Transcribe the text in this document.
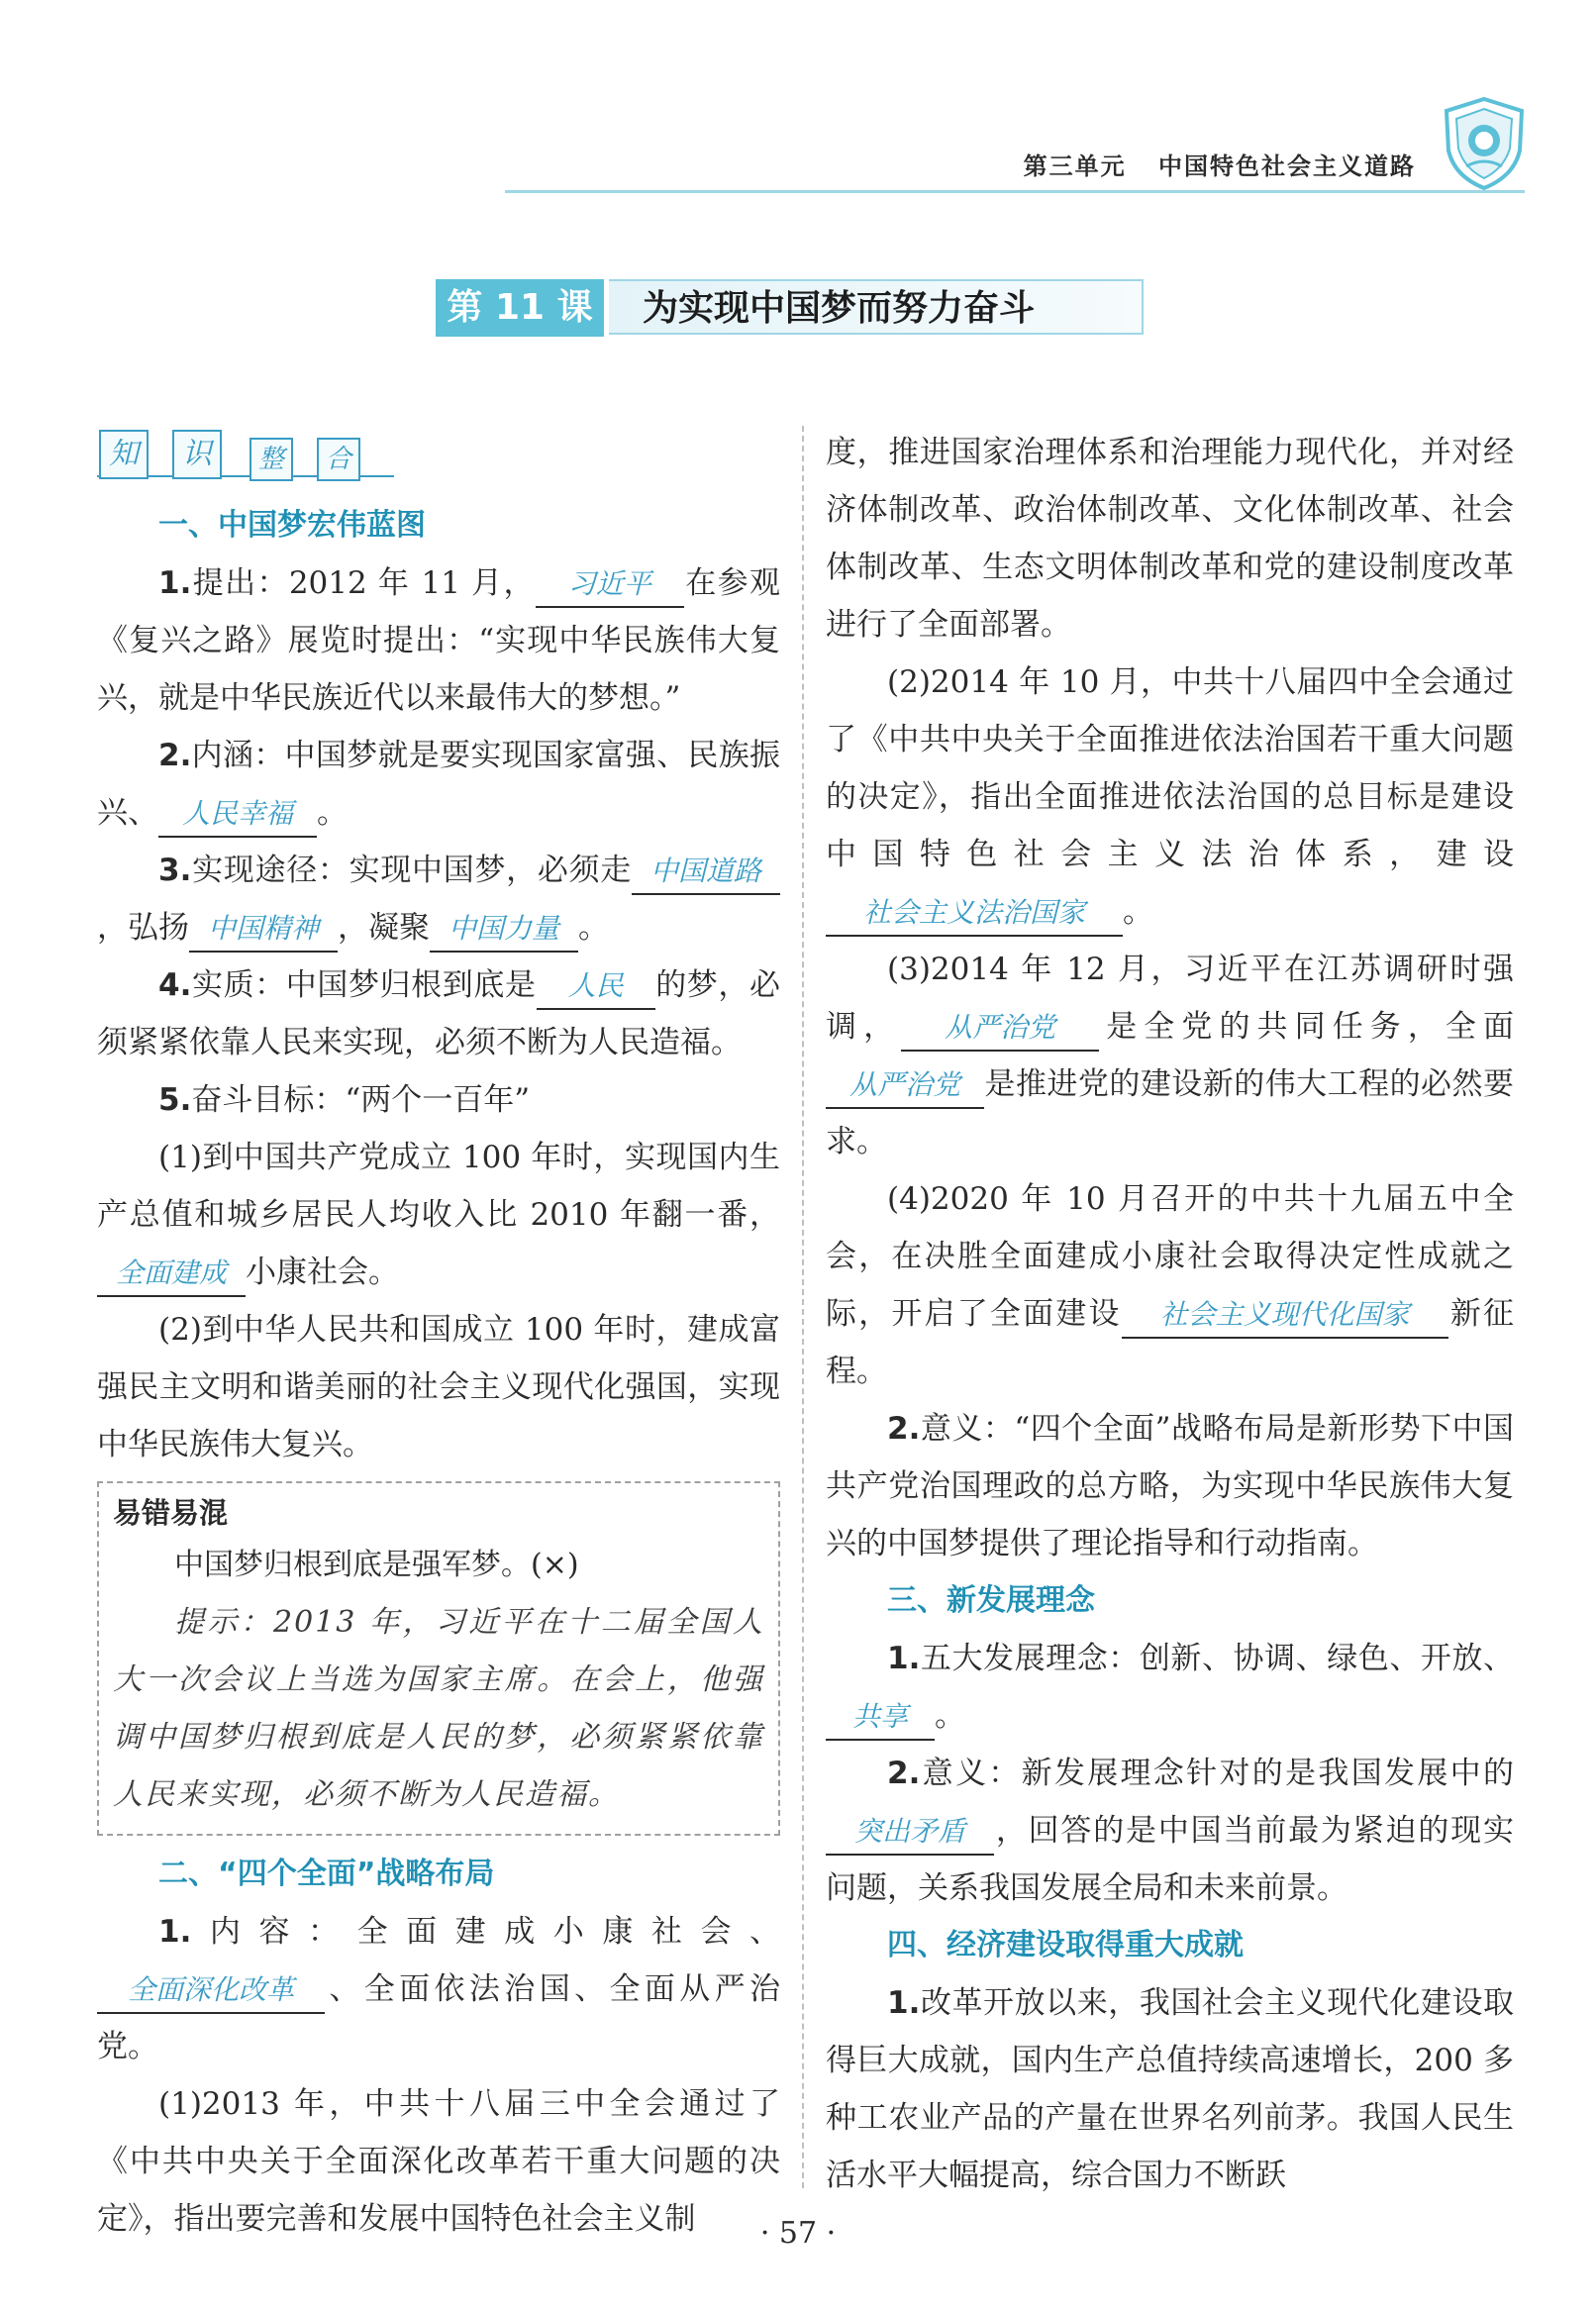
第三单元 中国特色社会主义道路
第 11 课	为实现中国梦而努力奋斗
知	识	整	合
一、中国梦宏伟蓝图

1.提出：2012 年 11 月， 习近平 在参观《复兴之路》展览时提出：“实现中华民族伟大复兴，就是中华民族近代以来最伟大的梦想。”

2.内涵：中国梦就是要实现国家富强、民族振兴、 人民幸福 。

3.实现途径：实现中国梦，必须走 中国道路，弘扬 中国精神 ，凝聚 中国力量 。

4.实质：中国梦归根到底是 人民 的梦，必须紧紧依靠人民来实现，必须不断为人民造福。

5.奋斗目标：“两个一百年”

(1)到中国共产党成立 100 年时，实现国内生产总值和城乡居民人均收入比 2010 年翻一番，全面建成 小康社会。

(2)到中华人民共和国成立 100 年时，建成富强民主文明和谐美丽的社会主义现代化强国，实现中华民族伟大复兴。

易错易混

中国梦归根到底是强军梦。(×)

提示：2013 年，习近平在十二届全国人大一次会议上当选为国家主席。在会上，他强调中国梦归根到底是人民的梦，必须紧紧依靠人民来实现，必须不断为人民造福。

二、“四个全面”战略布局

1.内容：全面建成小康社会、全面深化改革 、全面依法治国、全面从严治党。

(1)2013 年，中共十八届三中全会通过了《中共中央关于全面深化改革若干重大问题的决定》，指出要完善和发展中国特色社会主义制

度，推进国家治理体系和治理能力现代化，并对经济体制改革、政治体制改革、文化体制改革、社会体制改革、生态文明体制改革和党的建设制度改革进行了全面部署。

(2)2014 年 10 月，中共十八届四中全会通过了《中共中央关于全面推进依法治国若干重大问题的决定》，指出全面推进依法治国的总目标是建设中国特色社会主义法治体系，建设社会主义法治国家 。

(3)2014 年 12 月，习近平在江苏调研时强调， 从严治党 是全党的共同任务，全面从严治党 是推进党的建设新的伟大工程的必然要求。

(4)2020 年 10 月召开的中共十九届五中全会，在决胜全面建成小康社会取得决定性成就之际，开启了全面建设 社会主义现代化国家 新征程。

2.意义：“四个全面”战略布局是新形势下中国共产党治国理政的总方略，为实现中华民族伟大复兴的中国梦提供了理论指导和行动指南。

三、新发展理念

1.五大发展理念：创新、协调、绿色、开放、共享 。

2.意义：新发展理念针对的是我国发展中的突出矛盾 ，回答的是中国当前最为紧迫的现实问题，关系我国发展全局和未来前景。

四、经济建设取得重大成就

1.改革开放以来，我国社会主义现代化建设取得巨大成就，国内生产总值持续高速增长，200 多种工农业产品的产量在世界名列前茅。我国人民生活水平大幅提高，综合国力不断跃

· 57 ·
